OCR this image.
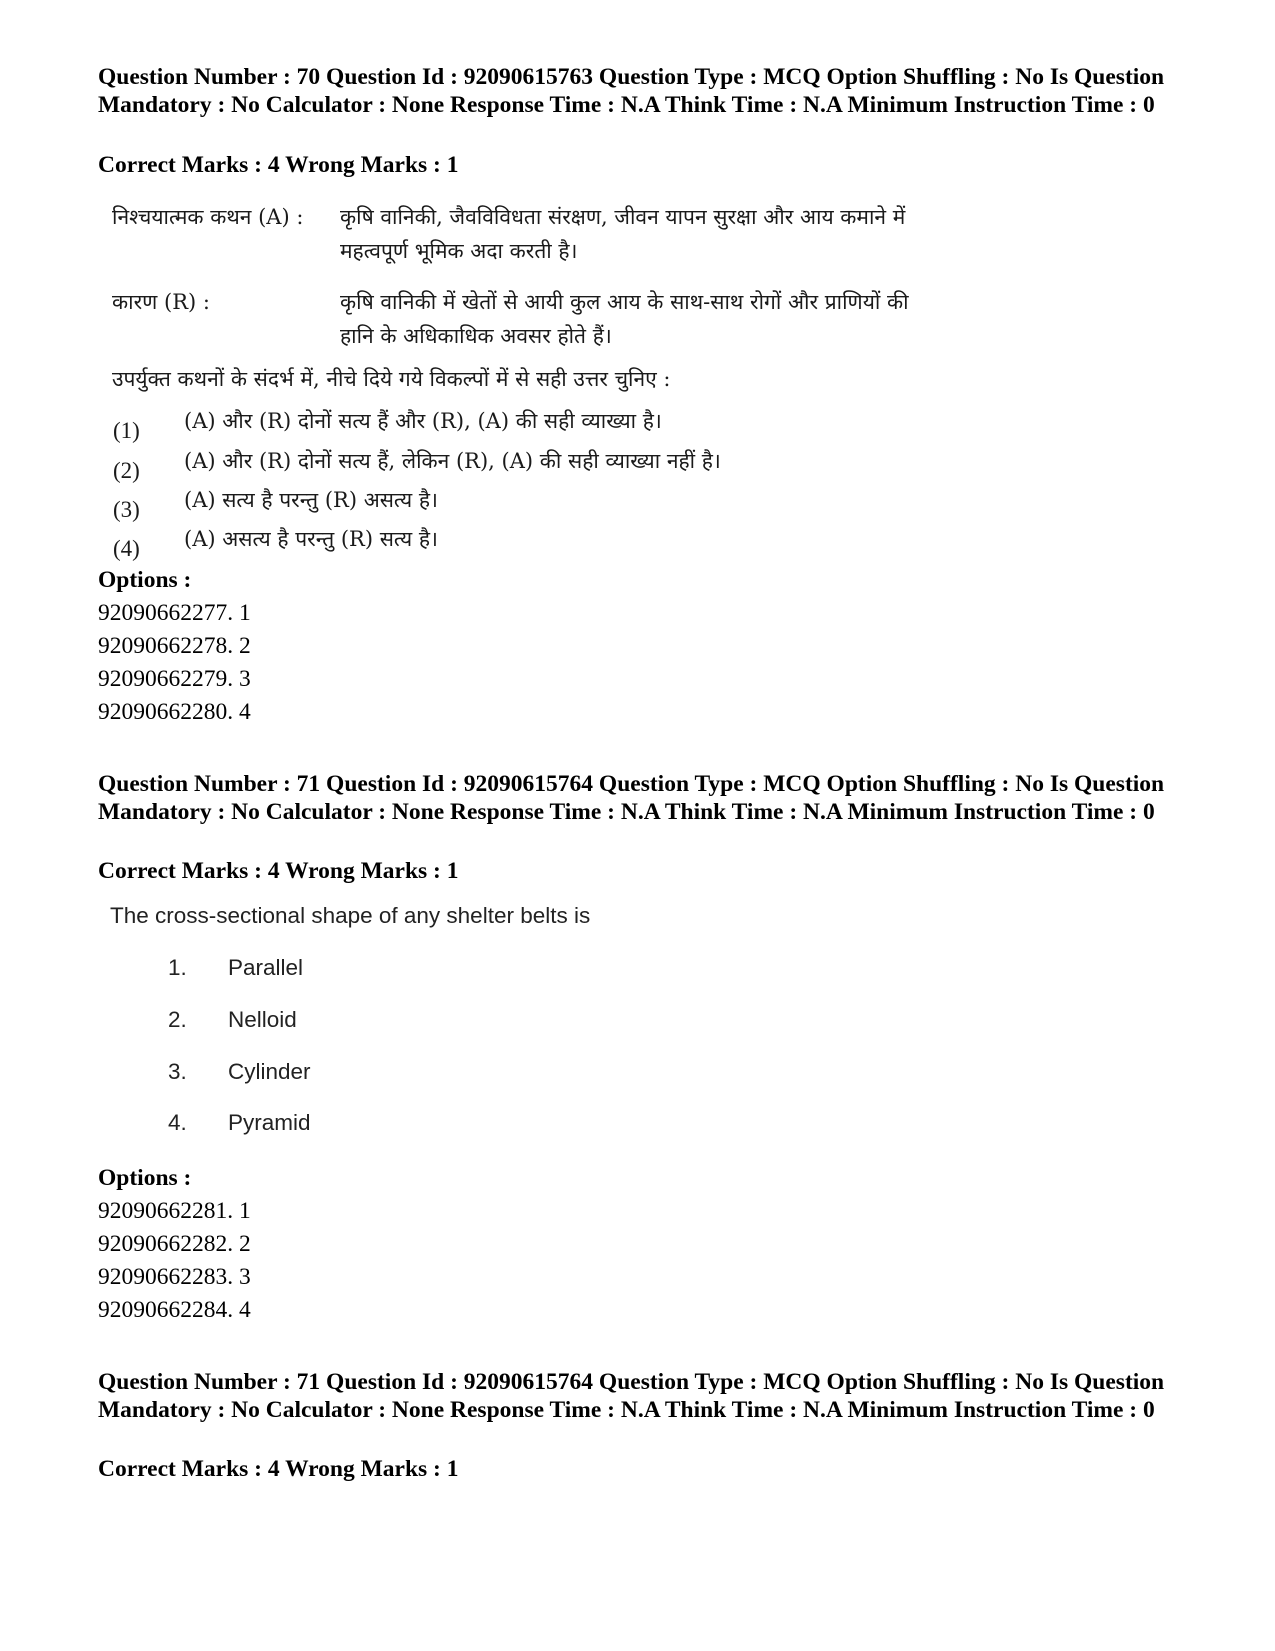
Question Number : 70 Question Id : 92090615763 Question Type : MCQ Option Shuffling : No Is Question Mandatory : No Calculator : None Response Time : N.A Think Time : N.A Minimum Instruction Time : 0
Correct Marks : 4 Wrong Marks : 1
निश्चयात्मक कथन (A) : कृषि वानिकी, जैवविविधता संरक्षण, जीवन यापन सुरक्षा और आय कमाने में
महत्वपूर्ण भूमिक अदा करती है।
कारण (R) :	कृषि वानिकी में खेतों से आयी कुल आय के साथ-साथ रोगों और प्राणियों की
हानि के अधिकाधिक अवसर होते हैं।
उपर्युक्त कथनों के संदर्भ में, नीचे दिये गये विकल्पों में से सही उत्तर चुनिए :
(1) (A) और (R) दोनों सत्य हैं और (R), (A) की सही व्याख्या है।
(2) (A) और (R) दोनों सत्य हैं, लेकिन (R), (A) की सही व्याख्या नहीं है।
(3) (A) सत्य है परन्तु (R) असत्य है।
(4) (A) असत्य है परन्तु (R) सत्य है।
Options :
92090662277. 1
92090662278. 2
92090662279. 3
92090662280. 4
Question Number : 71 Question Id : 92090615764 Question Type : MCQ Option Shuffling : No Is Question Mandatory : No Calculator : None Response Time : N.A Think Time : N.A Minimum Instruction Time : 0
Correct Marks : 4 Wrong Marks : 1
The cross-sectional shape of any shelter belts is
1. Parallel
2. Nelloid
3. Cylinder
4. Pyramid
Options :
92090662281. 1
92090662282. 2
92090662283. 3
92090662284. 4
Question Number : 71 Question Id : 92090615764 Question Type : MCQ Option Shuffling : No Is Question Mandatory : No Calculator : None Response Time : N.A Think Time : N.A Minimum Instruction Time : 0
Correct Marks : 4 Wrong Marks : 1
